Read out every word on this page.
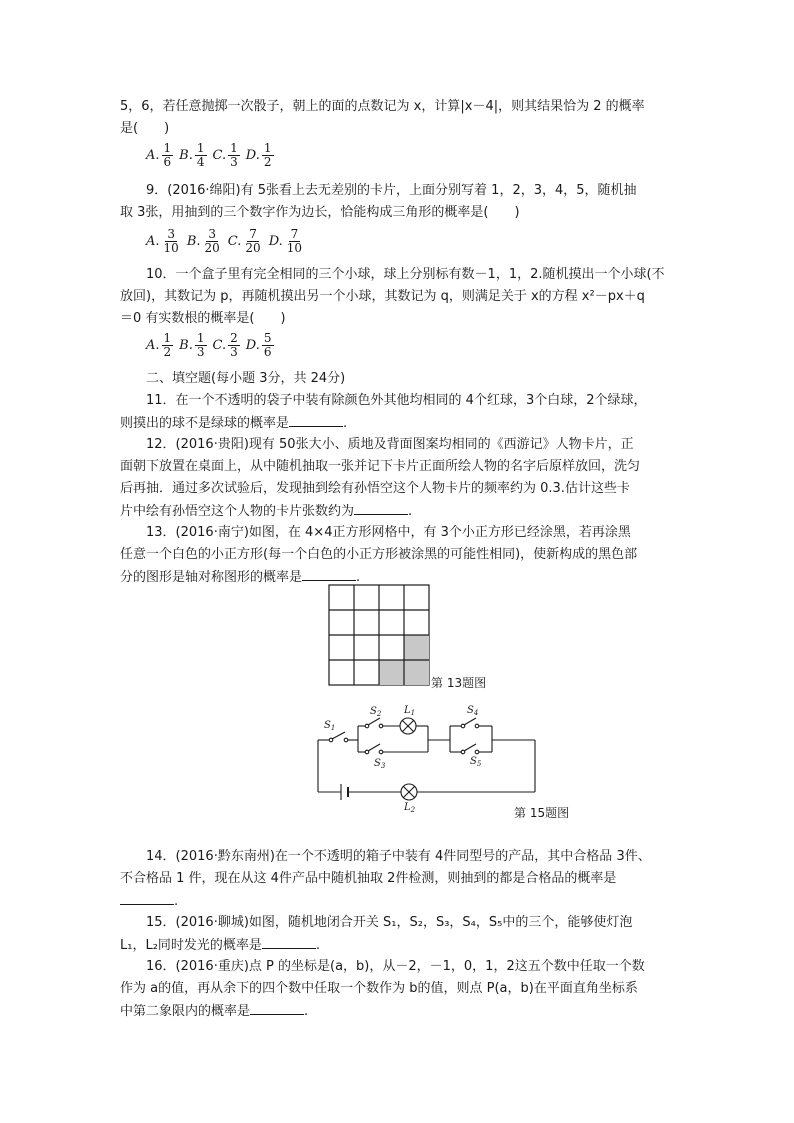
5，6，若任意抛掷一次骰子，朝上的面的点数记为 x，计算|x－4|，则其结果恰为 2 的概率
是(　　)
A. $\frac{1}{6} B$. $\frac{1}{4} C$. $\frac{1}{3} D$. $\frac{1}{2}$
9．(2016·绵阳)有 5张看上去无差别的卡片，上面分别写着 1，2，3，4，5，随机抽
取 3张，用抽到的三个数字作为边长，恰能构成三角形的概率是(　　)
A. $\frac{3}{10} B$. $\frac{3}{20} C$. $\frac{7}{20} D$. $\frac{7}{10}$
10．一个盒子里有完全相同的三个小球，球上分别标有数－1，1，2.随机摸出一个小球(不
放回)，其数记为 p，再随机摸出另一个小球，其数记为 q，则满足关于 x的方程 x²－px＋q
＝0 有实数根的概率是(　　)
A. $\frac{1}{2} B$. $\frac{1}{3} C$. $\frac{2}{3} D$. $\frac{5}{6}$
二、填空题(每小题 3分，共 24分)
11．在一个不透明的袋子中装有除颜色外其他均相同的 4个红球，3个白球，2个绿球，
则摸出的球不是绿球的概率是	.
12．(2016·贵阳)现有 50张大小、质地及背面图案均相同的《西游记》人物卡片，正
面朝下放置在桌面上，从中随机抽取一张并记下卡片正面所绘人物的名字后原样放回，洗匀
后再抽．通过多次试验后，发现抽到绘有孙悟空这个人物卡片的频率约为 0.3.估计这些卡
片中绘有孙悟空这个人物的卡片张数约为	.
13．(2016·南宁)如图，在 4×4正方形网格中，有 3个小正方形已经涂黑，若再涂黑
任意一个白色的小正方形(每一个白色的小正方形被涂黑的可能性相同)，使新构成的黑色部
分的图形是轴对称图形的概率是	.
第 13题图
$S_1$
$S_2$ $L_1$
$S_3$
$S_4$
$S_5$
$L_2$	第 15题图
14．(2016·黔东南州)在一个不透明的箱子中装有 4件同型号的产品，其中合格品 3件、
不合格品 1 件，现在从这 4件产品中随机抽取 2件检测，则抽到的都是合格品的概率是
.
15．(2016·聊城)如图，随机地闭合开关 S₁，S₂，S₃，S₄，S₅中的三个，能够使灯泡
L₁，L₂同时发光的概率是	.
16．(2016·重庆)点 P 的坐标是(a，b)，从－2，－1，0，1，2这五个数中任取一个数
作为 a的值，再从余下的四个数中任取一个数作为 b的值，则点 P(a，b)在平面直角坐标系
中第二象限内的概率是	.
